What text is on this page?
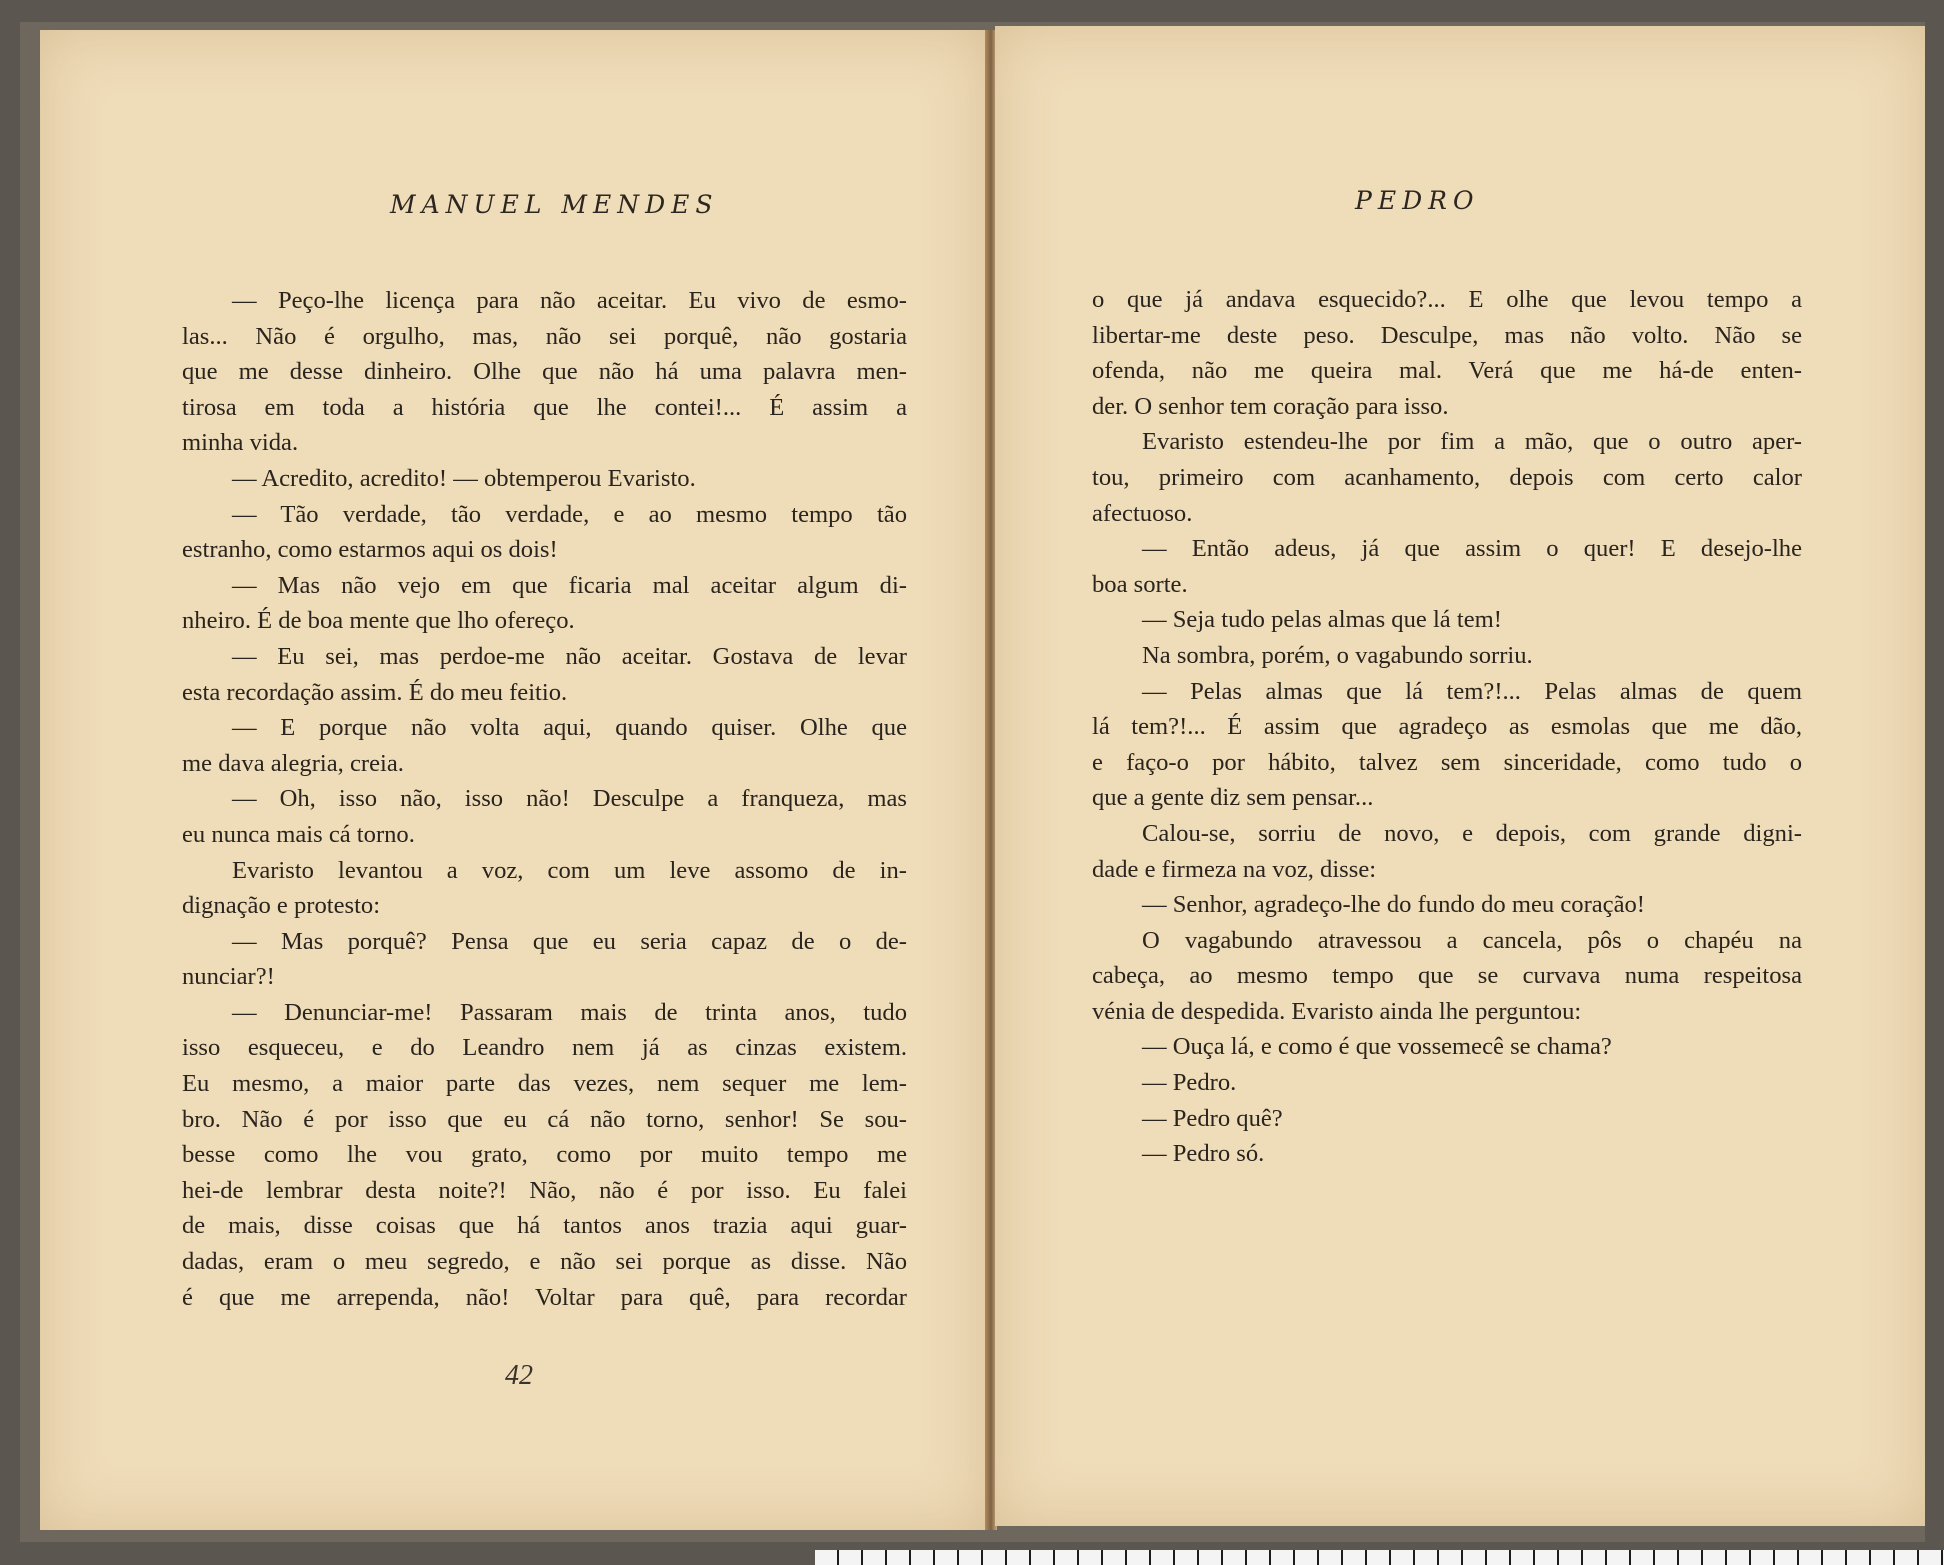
MANUEL MENDES
— Peço-lhe licença para não aceitar. Eu vivo de esmo-
las... Não é orgulho, mas, não sei porquê, não gostaria
que me desse dinheiro. Olhe que não há uma palavra men-
tirosa em toda a história que lhe contei!... É assim a
minha vida.
— Acredito, acredito! — obtemperou Evaristo.
— Tão verdade, tão verdade, e ao mesmo tempo tão
estranho, como estarmos aqui os dois!
— Mas não vejo em que ficaria mal aceitar algum di-
nheiro. É de boa mente que lho ofereço.
— Eu sei, mas perdoe-me não aceitar. Gostava de levar
esta recordação assim. É do meu feitio.
— E porque não volta aqui, quando quiser. Olhe que
me dava alegria, creia.
— Oh, isso não, isso não! Desculpe a franqueza, mas
eu nunca mais cá torno.
Evaristo levantou a voz, com um leve assomo de in-
dignação e protesto:
— Mas porquê? Pensa que eu seria capaz de o de-
nunciar?!
— Denunciar-me! Passaram mais de trinta anos, tudo
isso esqueceu, e do Leandro nem já as cinzas existem.
Eu mesmo, a maior parte das vezes, nem sequer me lem-
bro. Não é por isso que eu cá não torno, senhor! Se sou-
besse como lhe vou grato, como por muito tempo me
hei-de lembrar desta noite?! Não, não é por isso. Eu falei
de mais, disse coisas que há tantos anos trazia aqui guar-
dadas, eram o meu segredo, e não sei porque as disse. Não
é que me arrependa, não! Voltar para quê, para recordar
42
PEDRO
o que já andava esquecido?... E olhe que levou tempo a
libertar-me deste peso. Desculpe, mas não volto. Não se
ofenda, não me queira mal. Verá que me há-de enten-
der. O senhor tem coração para isso.
Evaristo estendeu-lhe por fim a mão, que o outro aper-
tou, primeiro com acanhamento, depois com certo calor
afectuoso.
— Então adeus, já que assim o quer! E desejo-lhe
boa sorte.
— Seja tudo pelas almas que lá tem!
Na sombra, porém, o vagabundo sorriu.
— Pelas almas que lá tem?!... Pelas almas de quem
lá tem?!... É assim que agradeço as esmolas que me dão,
e faço-o por hábito, talvez sem sinceridade, como tudo o
que a gente diz sem pensar...
Calou-se, sorriu de novo, e depois, com grande digni-
dade e firmeza na voz, disse:
— Senhor, agradeço-lhe do fundo do meu coração!
O vagabundo atravessou a cancela, pôs o chapéu na
cabeça, ao mesmo tempo que se curvava numa respeitosa
vénia de despedida. Evaristo ainda lhe perguntou:
— Ouça lá, e como é que vossemecê se chama?
— Pedro.
— Pedro quê?
— Pedro só.
